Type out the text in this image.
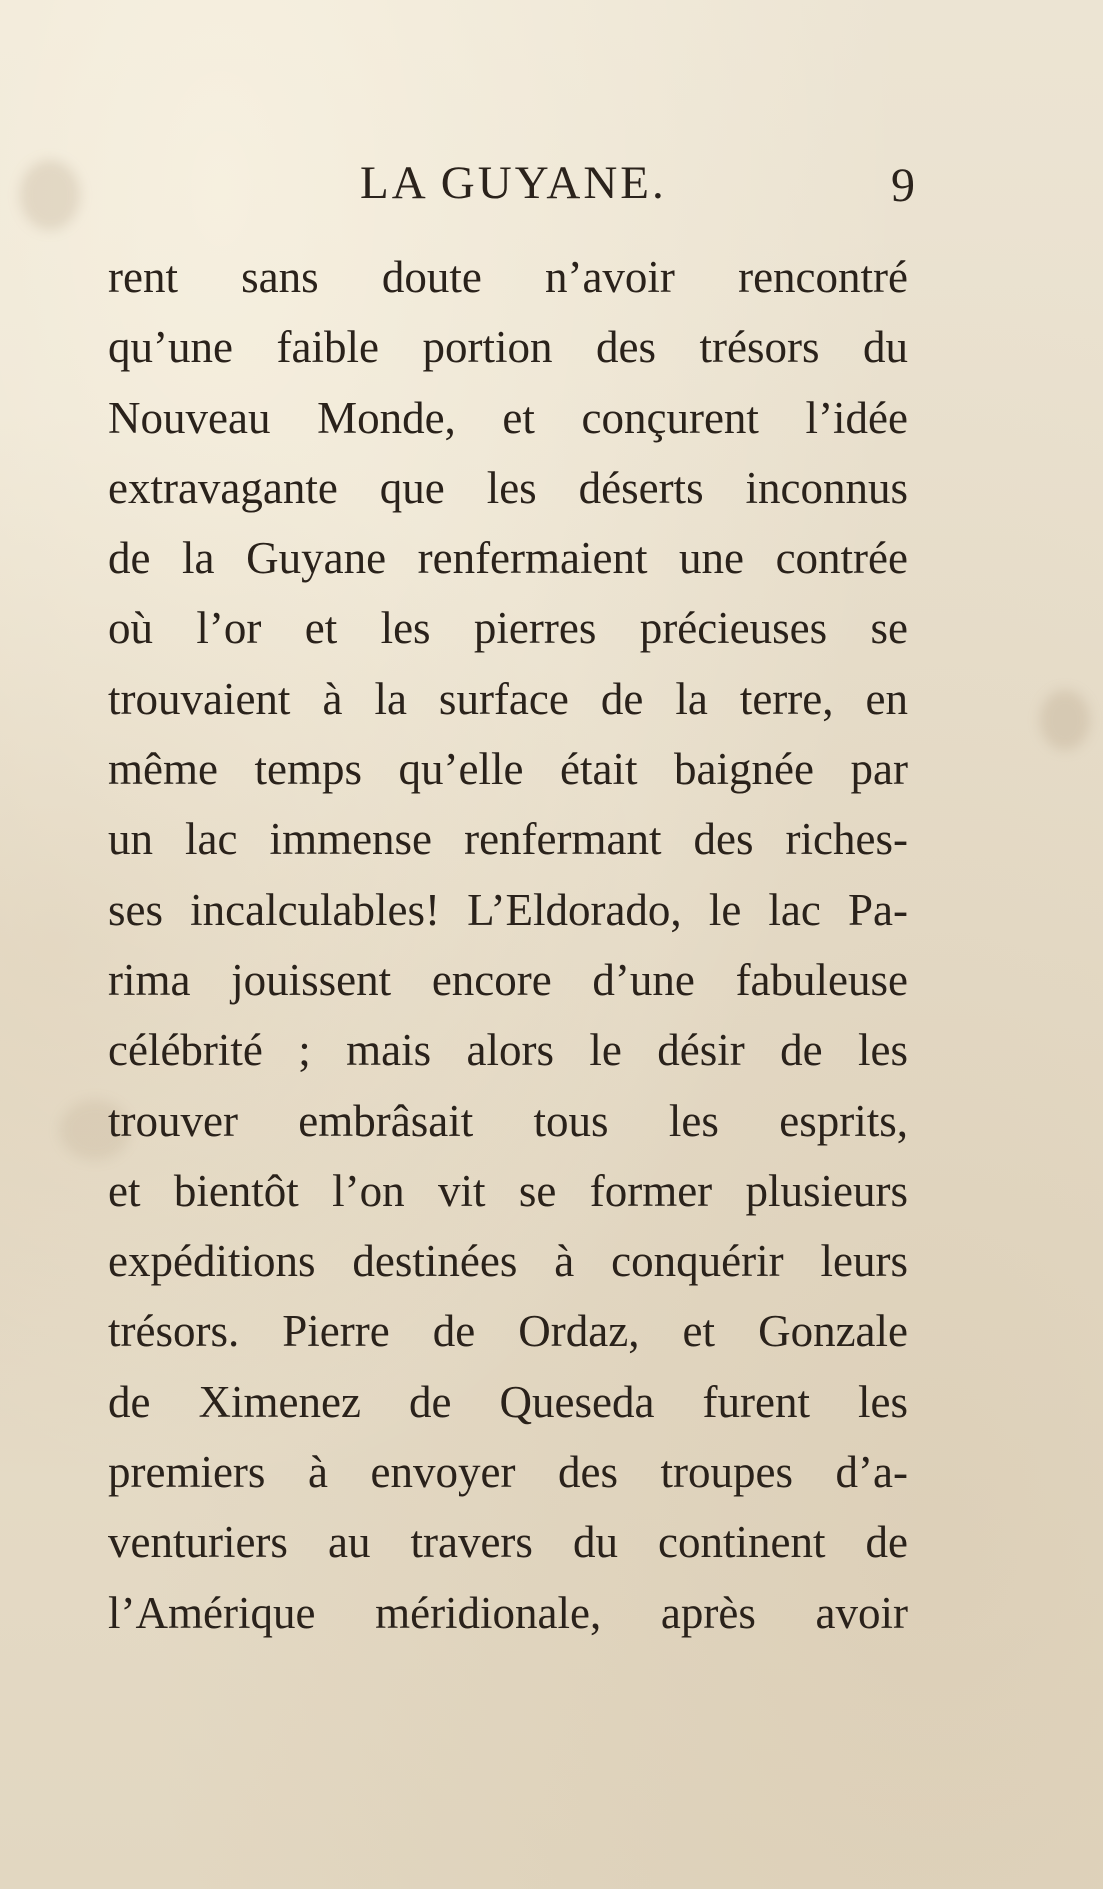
LA GUYANE.	9
rent sans doute n’avoir rencontré
qu’une faible portion des trésors du
Nouveau Monde, et conçurent l’idée
extravagante que les déserts inconnus
de la Guyane renfermaient une contrée
où l’or et les pierres précieuses se
trouvaient à la surface de la terre, en
même temps qu’elle était baignée par
un lac immense renfermant des riches-
ses incalculables! L’Eldorado, le lac Pa-
rima jouissent encore d’une fabuleuse
célébrité ; mais alors le désir de les
trouver embrâsait tous les esprits,
et bientôt l’on vit se former plusieurs
expéditions destinées à conquérir leurs
trésors. Pierre de Ordaz, et Gonzale
de Ximenez de Queseda furent les
premiers à envoyer des troupes d’a-
venturiers au travers du continent de
l’Amérique méridionale, après avoir
